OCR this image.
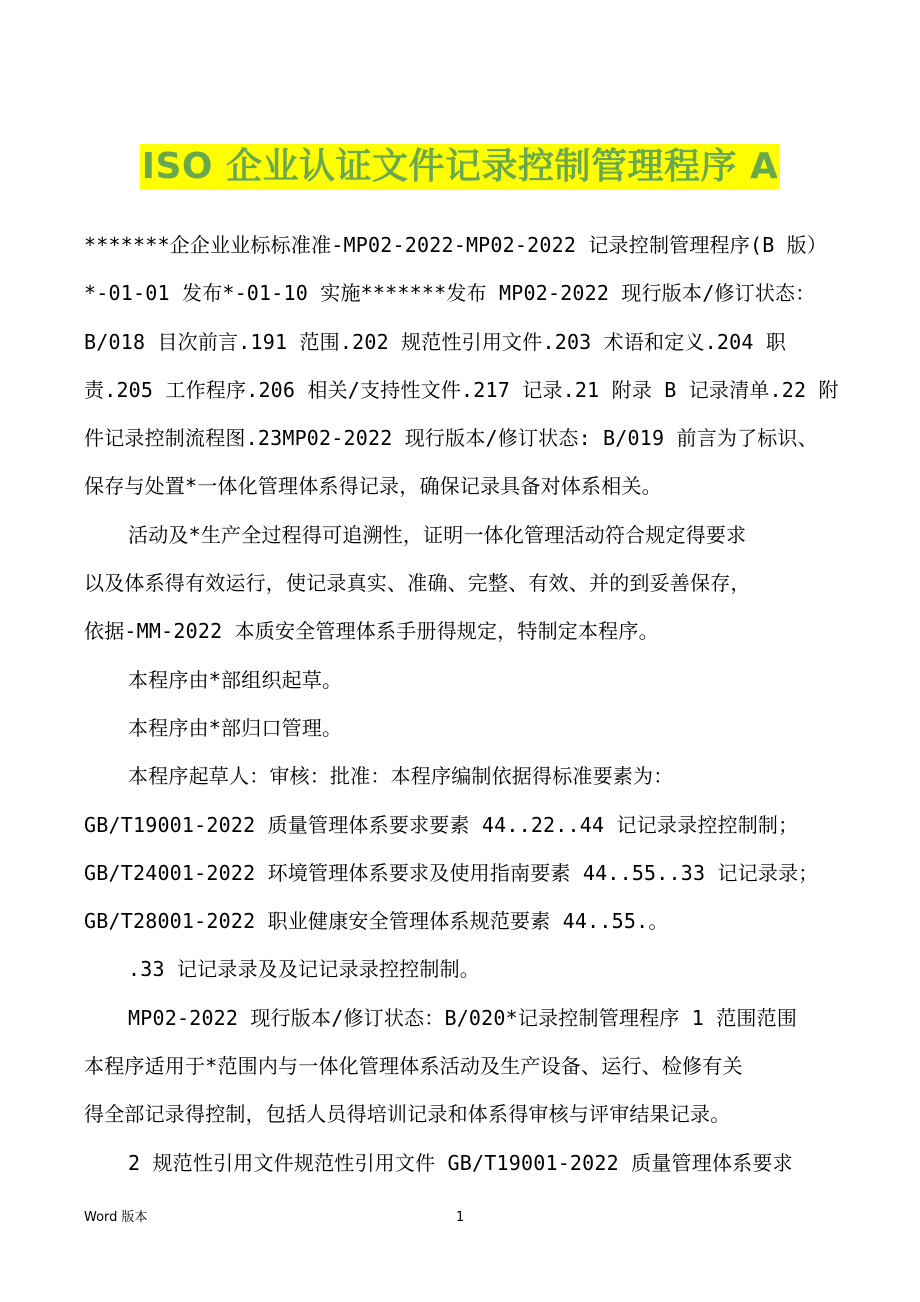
ISO 企业认证文件记录控制管理程序 A
*******企企业业标标准准-MP02-2022-MP02-2022 记录控制管理程序(B 版）
*-01-01 发布*-01-10 实施*******发布 MP02-2022 现行版本/修订状态：
B/018 目次前言.191 范围.202 规范性引用文件.203 术语和定义.204 职
责.205 工作程序.206 相关/支持性文件.217 记录.21 附录 B 记录清单.22 附
件记录控制流程图.23MP02-2022 现行版本/修订状态: B/019 前言为了标识、
保存与处置*一体化管理体系得记录，确保记录具备对体系相关。
活动及*生产全过程得可追溯性，证明一体化管理活动符合规定得要求
以及体系得有效运行，使记录真实、准确、完整、有效、并的到妥善保存，
依据-MM-2022 本质安全管理体系手册得规定，特制定本程序。
本程序由*部组织起草。
本程序由*部归口管理。
本程序起草人：审核：批准：本程序编制依据得标准要素为：
GB/T19001-2022 质量管理体系要求要素 44..22..44 记记录录控控制制；
GB/T24001-2022 环境管理体系要求及使用指南要素 44..55..33 记记录录；
GB/T28001-2022 职业健康安全管理体系规范要素 44..55.。
.33 记记录录及及记记录录控控制制。
MP02-2022 现行版本/修订状态：B/020*记录控制管理程序 1 范围范围
本程序适用于*范围内与一体化管理体系活动及生产设备、运行、检修有关
得全部记录得控制，包括人员得培训记录和体系得审核与评审结果记录。
2 规范性引用文件规范性引用文件 GB/T19001-2022 质量管理体系要求
Word 版本	1
